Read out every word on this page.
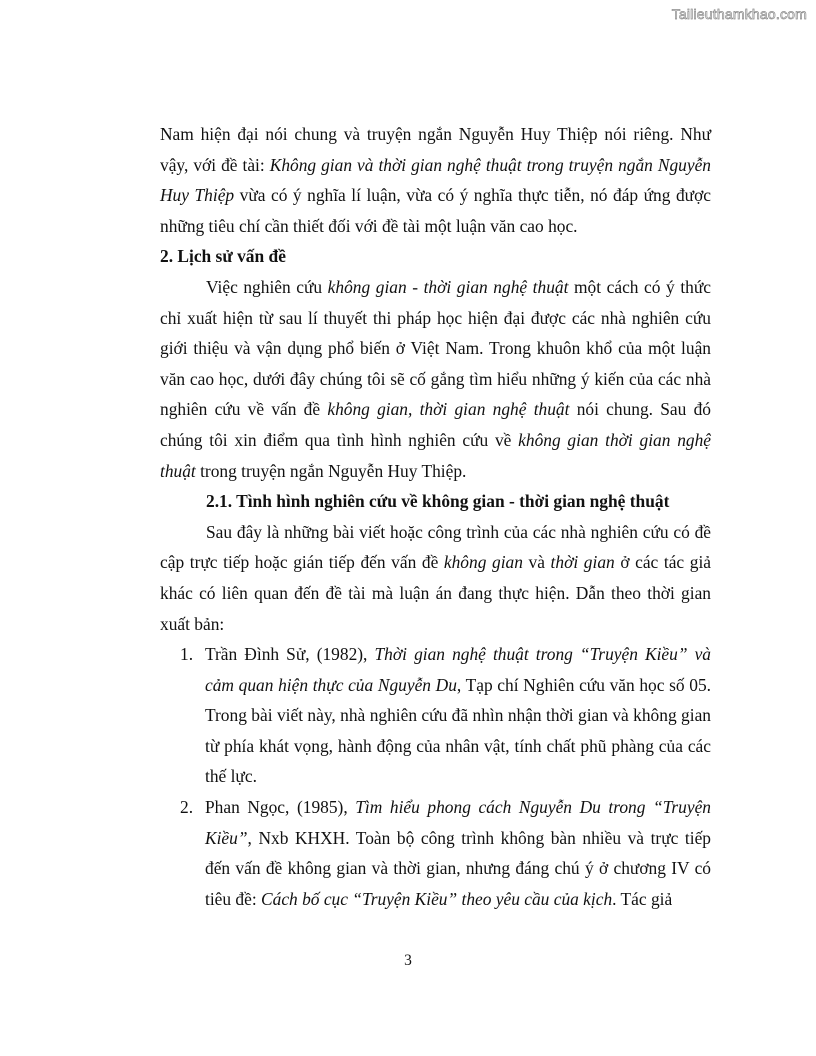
Tailieuthamkhao.com

Nam hiện đại nói chung và truyện ngắn Nguyễn Huy Thiệp nói riêng. Như vậy, với đề tài: Không gian và thời gian nghệ thuật trong truyện ngắn Nguyễn Huy Thiệp vừa có ý nghĩa lí luận, vừa có ý nghĩa thực tiễn, nó đáp ứng được những tiêu chí cần thiết đối với đề tài một luận văn cao học.

2. Lịch sử vấn đề

Việc nghiên cứu không gian - thời gian nghệ thuật một cách có ý thức chỉ xuất hiện từ sau lí thuyết thi pháp học hiện đại được các nhà nghiên cứu giới thiệu và vận dụng phổ biến ở Việt Nam. Trong khuôn khổ của một luận văn cao học, dưới đây chúng tôi sẽ cố gắng tìm hiểu những ý kiến của các nhà nghiên cứu về vấn đề không gian, thời gian nghệ thuật nói chung. Sau đó chúng tôi xin điểm qua tình hình nghiên cứu về không gian thời gian nghệ thuật trong truyện ngắn Nguyễn Huy Thiệp.

2.1. Tình hình nghiên cứu về không gian - thời gian nghệ thuật

Sau đây là những bài viết hoặc công trình của các nhà nghiên cứu có đề cập trực tiếp hoặc gián tiếp đến vấn đề không gian và thời gian ở các tác giả khác có liên quan đến đề tài mà luận án đang thực hiện. Dẫn theo thời gian xuất bản:

1. Trần Đình Sử, (1982), Thời gian nghệ thuật trong “Truyện Kiều” và cảm quan hiện thực của Nguyễn Du, Tạp chí Nghiên cứu văn học số 05. Trong bài viết này, nhà nghiên cứu đã nhìn nhận thời gian và không gian từ phía khát vọng, hành động của nhân vật, tính chất phũ phàng của các thế lực.
2. Phan Ngọc, (1985), Tìm hiểu phong cách Nguyễn Du trong “Truyện Kiều”, Nxb KHXH. Toàn bộ công trình không bàn nhiều và trực tiếp đến vấn đề không gian và thời gian, nhưng đáng chú ý ở chương IV có tiêu đề: Cách bố cục “Truyện Kiều” theo yêu cầu của kịch. Tác giả
3
